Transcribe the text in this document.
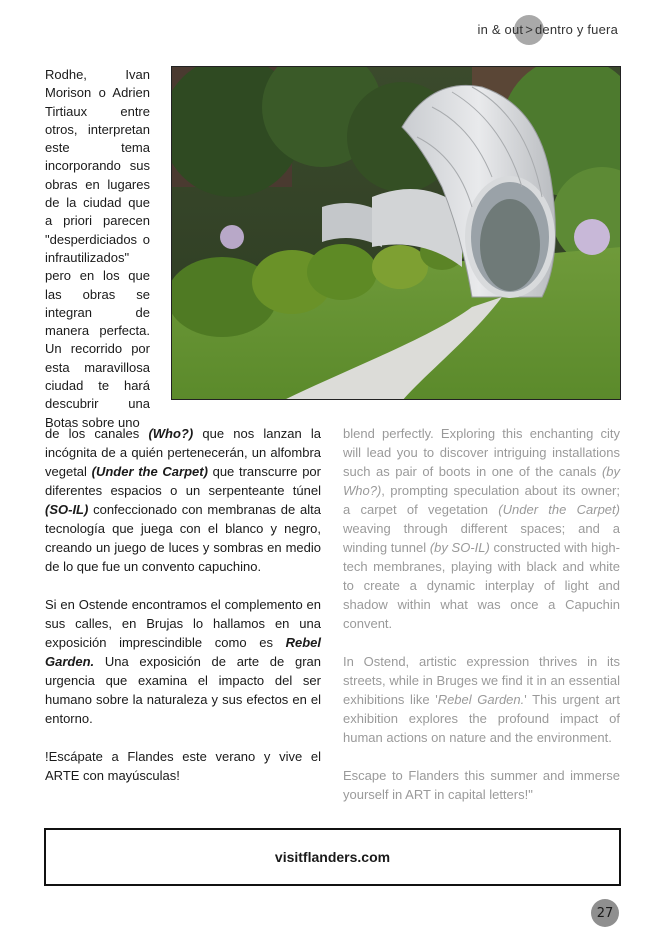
in & out > dentro y fuera

Rodhe, Ivan Morison o Adrien Tirtiaux entre otros, interpretan este tema incorporando sus obras en lugares de la ciudad que a priori parecen "desperdiciados o infrautilizados" pero en los que las obras se integran de manera perfecta. Un recorrido por esta maravillosa ciudad te hará descubrir una Botas sobre uno

de los canales (Who?) que nos lanzan la incógnita de a quién pertenecerán, un alfombra vegetal (Under the Carpet) que transcurre por diferentes espacios o un serpenteante túnel (SO-IL) confeccionado con membranas de alta tecnología que juega con el blanco y negro, creando un juego de luces y sombras en medio de lo que fue un convento capuchino.

Si en Ostende encontramos el complemento en sus calles, en Brujas lo hallamos en una exposición imprescindible como es Rebel Garden. Una exposición de arte de gran urgencia que examina el impacto del ser humano sobre la naturaleza y sus efectos en el entorno.

!Escápate a Flandes este verano y vive el ARTE con mayúsculas!

blend perfectly. Exploring this enchanting city will lead you to discover intriguing installations such as pair of boots in one of the canals (by Who?), prompting speculation about its owner; a carpet of vegetation (Under the Carpet) weaving through different spaces; and a winding tunnel (by SO-IL) constructed with high-tech membranes, playing with black and white to create a dynamic interplay of light and shadow within what was once a Capuchin convent.

In Ostend, artistic expression thrives in its streets, while in Bruges we find it in an essential exhibitions like 'Rebel Garden.' This urgent art exhibition explores the profound impact of human actions on nature and the environment.

Escape to Flanders this summer and immerse yourself in ART in capital letters!"

visitflanders.com
27
